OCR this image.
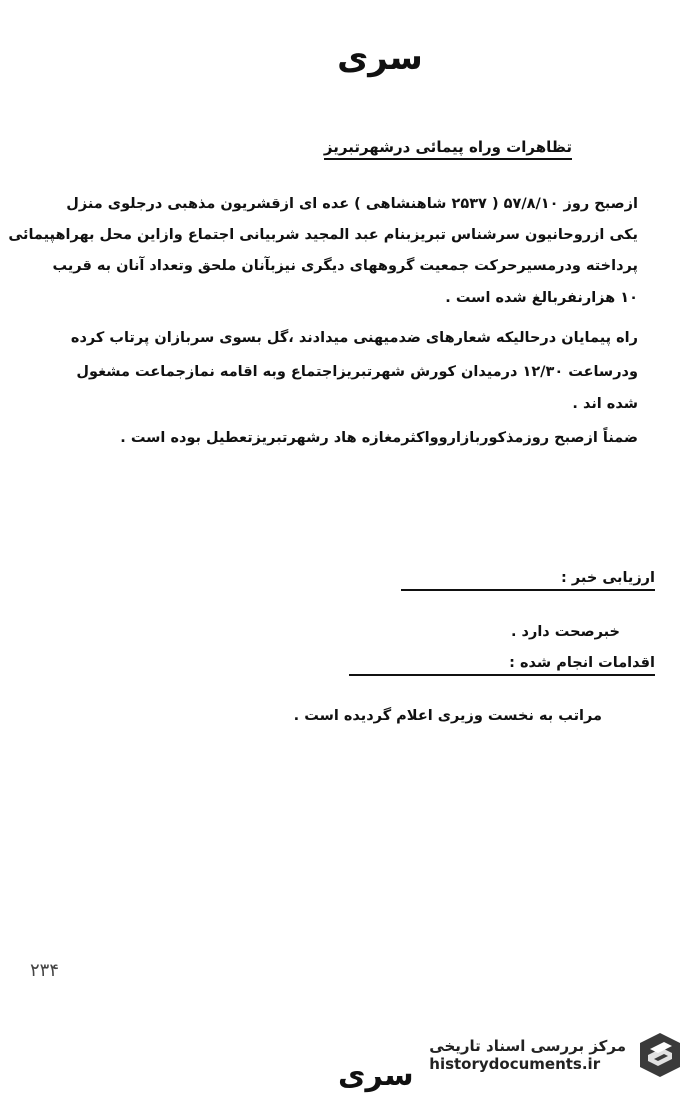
سری
تظاهرات وراه پیمائی درشهرتبریز
ازصبح روز ۵۷/۸/۱۰ ( ۲۵۳۷ شاهنشاهی ) عده ای ازقشریون مذهبی درجلوی منزل
یکی ازروحانیون سرشناس تبریزبنام عبد المجید شربیانی اجتماع وازاین محل بهراهپیمائی
پرداخته ودرمسیرحرکت جمعیت گروههای دیگری نیزبآنان ملحق وتعداد آنان به قریب
۱۰ هزارنفربالغ شده است .
راه پیمایان درحالیکه شعارهای ضدمیهنی میدادند ،گل بسوی سربازان پرتاب کرده
ودرساعت ۱۲/۳۰ درمیدان کورش شهرتبریزاجتماع وبه اقامه نمازجماعت مشغول
شده اند .
ضمناً ازصبح روزمذکوربازاروواکثرمغازه هاد رشهرتبریزتعطیل بوده است .
ارزیابی خبر :
خبرصحت دارد .
اقدامات انجام شده :
مراتب به نخست وزیری اعلام گردیده است .
۲۳۴
سری
مرکز بررسی اسناد تاریخی
historydocuments.ir
